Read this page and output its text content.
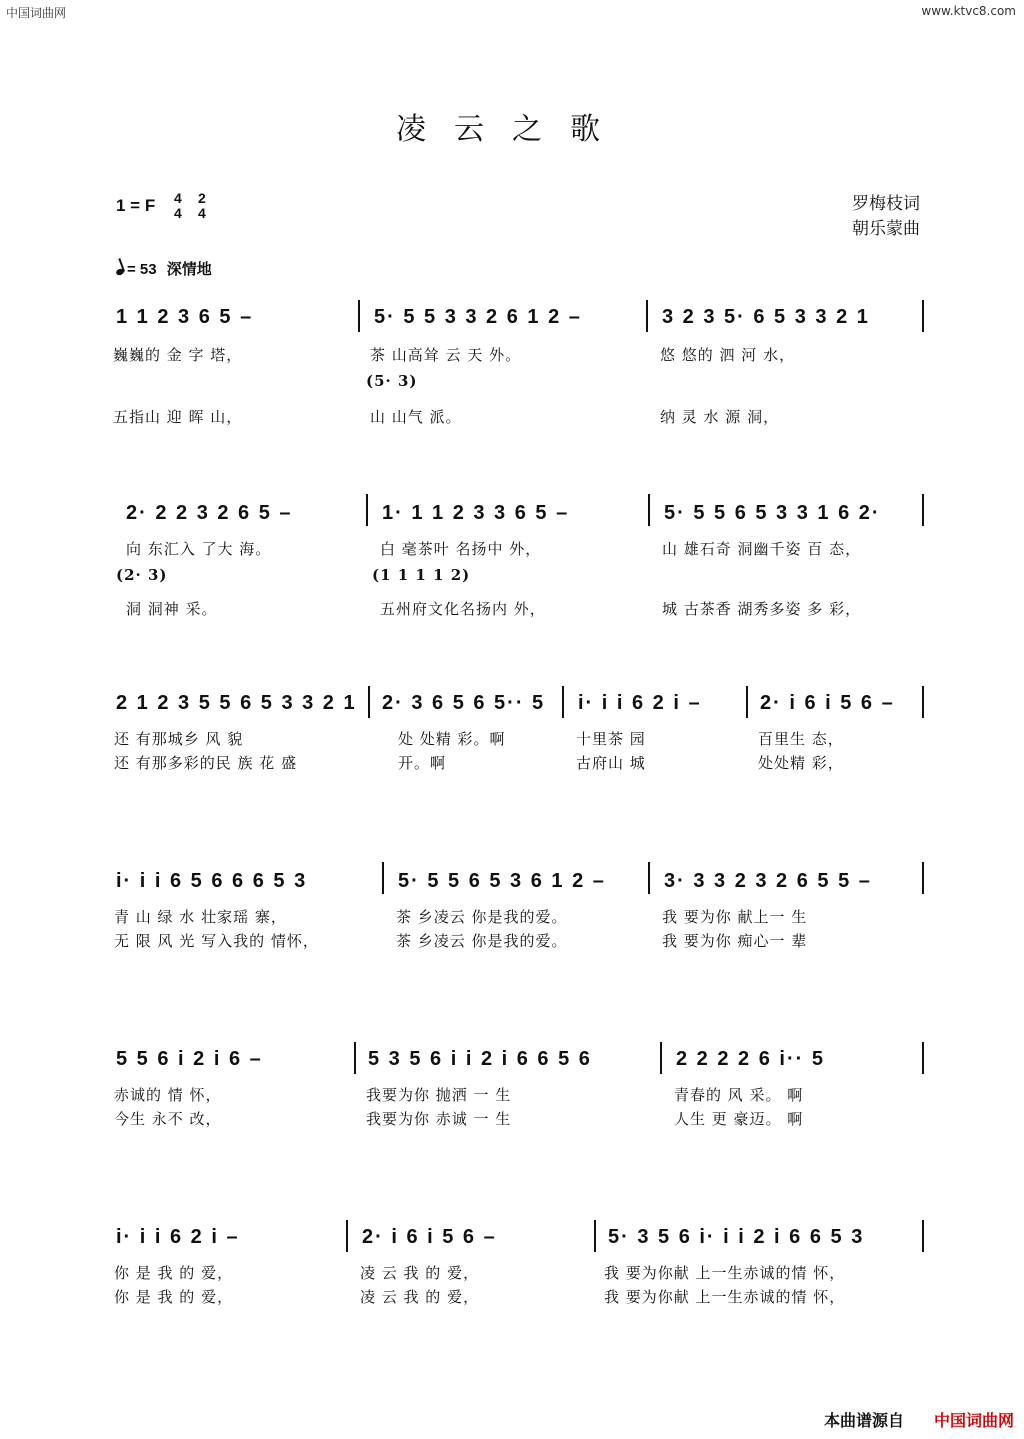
中国词曲网	www.ktvc8.com
凌云之歌
1 = F 4
4
2
4	罗梅枝词
朝乐蒙曲
= 53 深情地
1 1 2 3 6 5 –
巍巍的 金 字 塔，
五指山 迎 晖 山，
5· 5 5 3 3 2 6 1 2 –
茶 山高耸 云 天 外。
(5· 3)
山 山气 派。
3 2 3 5· 6 5 3 3 2 1
悠 悠的 泗 河 水，
纳 灵 水 源 洞，
2· 2 2 3 2 6 5 –
向 东汇入 了大 海。
(2· 3)
洞 洞神 采。
1· 1 1 2 3 3 6 5 –
白 毫茶叶 名扬中 外，
(1 1 1 1 2)
五州府文化名扬内 外，
5· 5 5 6 5 3 3 1 6 2·
山 雄石奇 洞幽千姿 百 态，
城 古茶香 湖秀多姿 多 彩，
2 1 2 3 5 5 6 5 3 3 2 1
还 有那城乡 风 貌
还 有那多彩的民 族 花 盛
2· 3 6 5 6 5·· 5
处 处精 彩。啊
开。啊
i· i i 6 2 i –
十里茶 园
古府山 城
2· i 6 i 5 6 –
百里生 态，
处处精 彩，
i· i i 6 5 6 6 6 5 3
青 山 绿 水 壮家瑶 寨，
无 限 风 光 写入我的 情怀，
5· 5 5 6 5 3 6 1 2 –
茶 乡凌云 你是我的爱。
茶 乡凌云 你是我的爱。
3· 3 3 2 3 2 6 5 5 –
我 要为你 献上一 生
我 要为你 痴心一 辈
5 5 6 i 2 i 6 –
赤诚的 情 怀，
今生 永不 改，
5 3 5 6 i i 2 i 6 6 5 6
我要为你 抛洒 一 生
我要为你 赤诚 一 生
2 2 2 2 6 i·· 5
青春的 风 采。 啊
人生 更 豪迈。 啊
i· i i 6 2 i –
你 是 我 的 爱，
你 是 我 的 爱，
2· i 6 i 5 6 –
凌 云 我 的 爱，
凌 云 我 的 爱，
5· 3 5 6 i· i i 2 i 6 6 5 3
我 要为你献 上一生赤诚的情 怀，
我 要为你献 上一生赤诚的情 怀，
本曲谱源自 中国词曲网
